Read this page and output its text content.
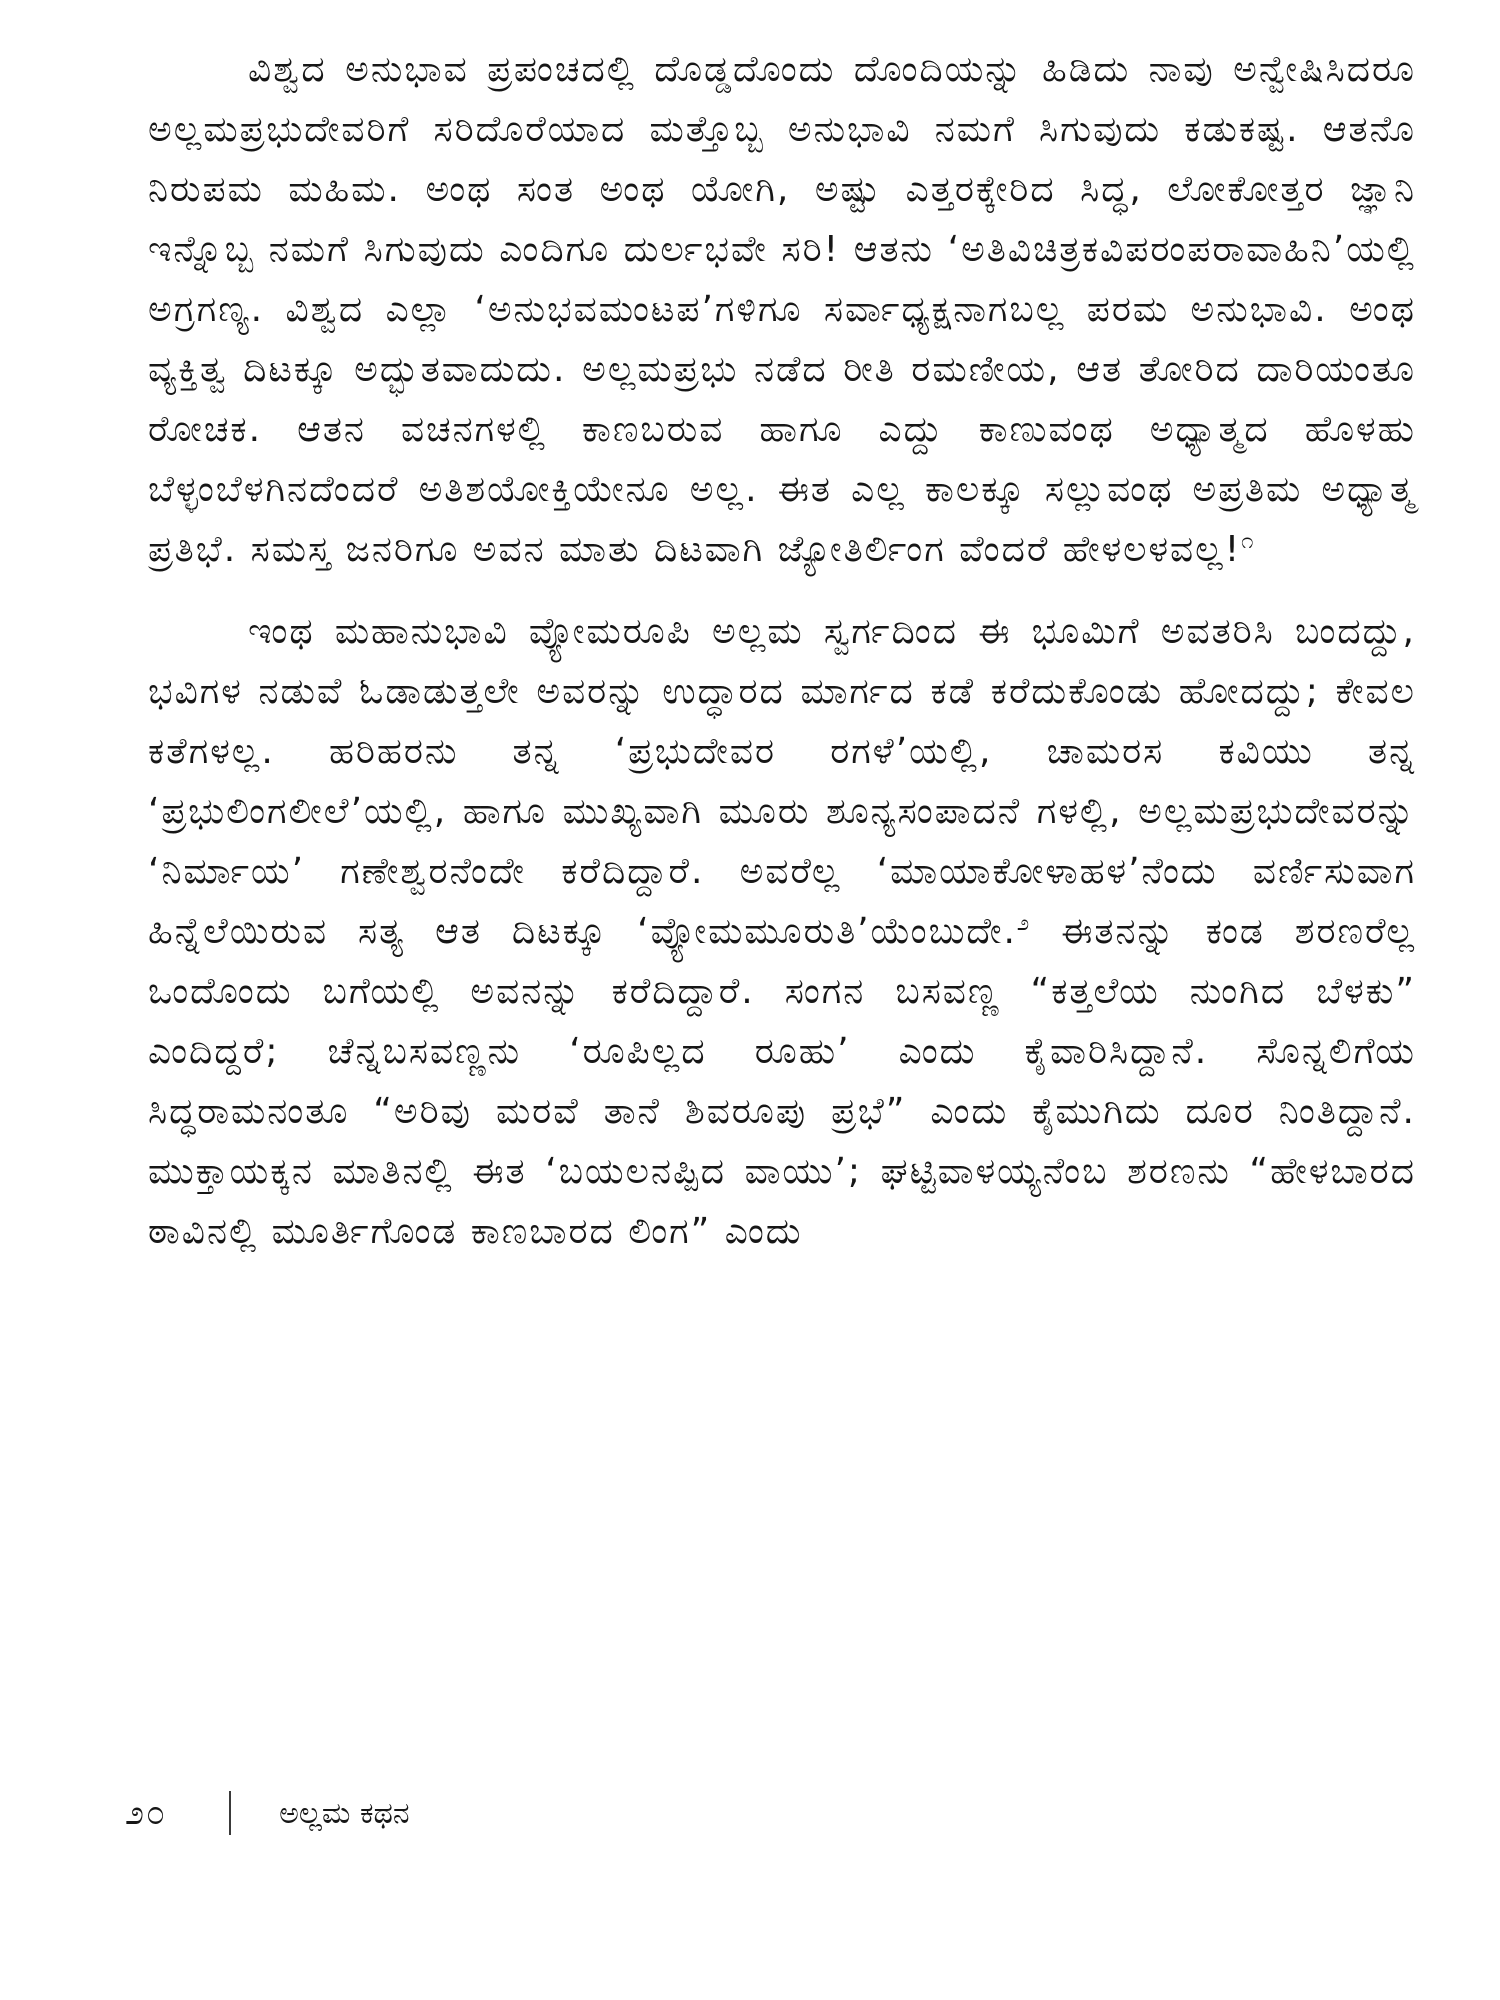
ವಿಶ್ವದ ಅನುಭಾವ ಪ್ರಪಂಚದಲ್ಲಿ ದೊಡ್ಡದೊಂದು ದೊಂದಿಯನ್ನು ಹಿಡಿದು ನಾವು ಅನ್ವೇಷಿಸಿದರೂ ಅಲ್ಲಮಪ್ರಭುದೇವರಿಗೆ ಸರಿದೊರೆಯಾದ ಮತ್ತೊಬ್ಬ ಅನುಭಾವಿ ನಮಗೆ ಸಿಗುವುದು ಕಡುಕಷ್ಟ. ಆತನೊ ನಿರುಪಮ ಮಹಿಮ. ಅಂಥ ಸಂತ ಅಂಥ ಯೋಗಿ, ಅಷ್ಟು ಎತ್ತರಕ್ಕೇರಿದ ಸಿದ್ಧ, ಲೋಕೋತ್ತರ ಜ್ಞಾನಿ ಇನ್ನೊಬ್ಬ ನಮಗೆ ಸಿಗುವುದು ಎಂದಿಗೂ ದುರ್ಲಭವೇ ಸರಿ! ಆತನು ‘ಅತಿವಿಚಿತ್ರಕವಿಪರಂಪರಾವಾಹಿನಿ’ಯಲ್ಲಿ ಅಗ್ರಗಣ್ಯ. ವಿಶ್ವದ ಎಲ್ಲಾ ‘ಅನುಭವಮಂಟಪ’ಗಳಿಗೂ ಸರ್ವಾಧ್ಯಕ್ಷನಾಗಬಲ್ಲ ಪರಮ ಅನುಭಾವಿ. ಅಂಥ ವ್ಯಕ್ತಿತ್ವ ದಿಟಕ್ಕೂ ಅದ್ಭುತವಾದುದು. ಅಲ್ಲಮಪ್ರಭು ನಡೆದ ರೀತಿ ರಮಣೀಯ, ಆತ ತೋರಿದ ದಾರಿಯಂತೂ ರೋಚಕ. ಆತನ ವಚನಗಳಲ್ಲಿ ಕಾಣಬರುವ ಹಾಗೂ ಎದ್ದು ಕಾಣುವಂಥ ಅಧ್ಯಾತ್ಮದ ಹೊಳಹು ಬೆಳ್ಳಂಬೆಳಗಿನದೆಂದರೆ ಅತಿಶಯೋಕ್ತಿಯೇನೂ ಅಲ್ಲ. ಈತ ಎಲ್ಲ ಕಾಲಕ್ಕೂ ಸಲ್ಲುವಂಥ ಅಪ್ರತಿಮ ಅಧ್ಯಾತ್ಮ ಪ್ರತಿಭೆ. ಸಮಸ್ತ ಜನರಿಗೂ ಅವನ ಮಾತು ದಿಟವಾಗಿ ಜ್ಯೋತಿರ್ಲಿಂಗ ವೆಂದರೆ ಹೇಳಲಳವಲ್ಲ!$^೧$

ಇಂಥ ಮಹಾನುಭಾವಿ ವ್ಯೋಮರೂಪಿ ಅಲ್ಲಮ ಸ್ವರ್ಗದಿಂದ ಈ ಭೂಮಿಗೆ ಅವತರಿಸಿ ಬಂದದ್ದು, ಭವಿಗಳ ನಡುವೆ ಓಡಾಡುತ್ತಲೇ ಅವರನ್ನು ಉದ್ಧಾರದ ಮಾರ್ಗದ ಕಡೆ ಕರೆದುಕೊಂಡು ಹೋದದ್ದು; ಕೇವಲ ಕತೆಗಳಲ್ಲ. ಹರಿಹರನು ತನ್ನ ‘ಪ್ರಭುದೇವರ ರಗಳೆ’ಯಲ್ಲಿ, ಚಾಮರಸ ಕವಿಯು ತನ್ನ ‘ಪ್ರಭುಲಿಂಗಲೀಲೆ’ಯಲ್ಲಿ, ಹಾಗೂ ಮುಖ್ಯವಾಗಿ ಮೂರು ಶೂನ್ಯಸಂಪಾದನೆ ಗಳಲ್ಲಿ, ಅಲ್ಲಮಪ್ರಭುದೇವರನ್ನು ‘ನಿರ್ಮಾಯ’ ಗಣೇಶ್ವರನೆಂದೇ ಕರೆದಿದ್ದಾರೆ. ಅವರೆಲ್ಲ ‘ಮಾಯಾಕೋಳಾಹಳ’ನೆಂದು ವರ್ಣಿಸುವಾಗ ಹಿನ್ನೆಲೆಯಿರುವ ಸತ್ಯ ಆತ ದಿಟಕ್ಕೂ ‘ವ್ಯೋಮಮೂರುತಿ’ಯೆಂಬುದೇ.$^೨$ ಈತನನ್ನು ಕಂಡ ಶರಣರೆಲ್ಲ ಒಂದೊಂದು ಬಗೆಯಲ್ಲಿ ಅವನನ್ನು ಕರೆದಿದ್ದಾರೆ. ಸಂಗನ ಬಸವಣ್ಣ “ಕತ್ತಲೆಯ ನುಂಗಿದ ಬೆಳಕು” ಎಂದಿದ್ದರೆ; ಚೆನ್ನಬಸವಣ್ಣನು ‘ರೂಪಿಲ್ಲದ ರೂಹು’ ಎಂದು ಕೈವಾರಿಸಿದ್ದಾನೆ. ಸೊನ್ನಲಿಗೆಯ ಸಿದ್ಧರಾಮನಂತೂ “ಅರಿವು ಮರವೆ ತಾನೆ ಶಿವರೂಪು ಪ್ರಭೆ” ಎಂದು ಕೈಮುಗಿದು ದೂರ ನಿಂತಿದ್ದಾನೆ. ಮುಕ್ತಾಯಕ್ಕನ ಮಾತಿನಲ್ಲಿ ಈತ ‘ಬಯಲನಪ್ಪಿದ ವಾಯು’; ಘಟ್ಟಿವಾಳಯ್ಯನೆಂಬ ಶರಣನು “ಹೇಳಬಾರದ ಠಾವಿನಲ್ಲಿ ಮೂರ್ತಿಗೊಂಡ ಕಾಣಬಾರದ ಲಿಂಗ” ಎಂದು

೨೦	ಅಲ್ಲಮ ಕಥನ
